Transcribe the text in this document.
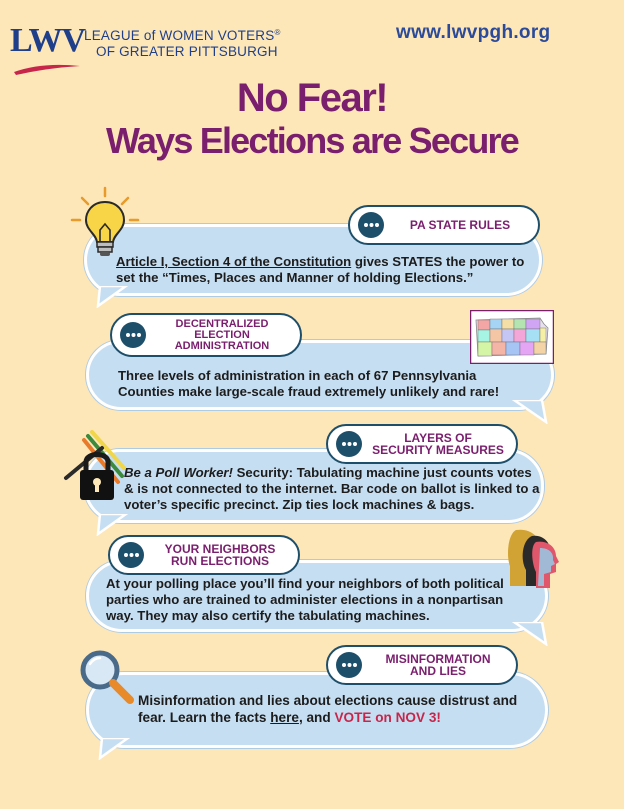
LWV
LEAGUE of WOMEN VOTERS®
OF GREATER PITTSBURGH
www.lwvpgh.org
No Fear!
Ways Elections are Secure
PA STATE RULES
Article I, Section 4 of the Constitution gives STATES the power to set the “Times, Places and Manner of holding Elections.”
DECENTRALIZED
ELECTION
ADMINISTRATION
Three levels of administration in each of 67 Pennsylvania Counties make large-scale fraud extremely unlikely and rare!
LAYERS OF
SECURITY MEASURES
Be a Poll Worker! Security: Tabulating machine just counts votes & is not connected to the internet. Bar code on ballot is linked to a voter’s specific precinct. Zip ties lock machines & bags.
YOUR NEIGHBORS
RUN ELECTIONS
At your polling place you’ll find your neighbors of both political parties who are trained to administer elections in a nonpartisan way. They may also certify the tabulating machines.
MISINFORMATION
AND LIES
Misinformation and lies about elections cause distrust and fear. Learn the facts here, and VOTE on NOV 3!
